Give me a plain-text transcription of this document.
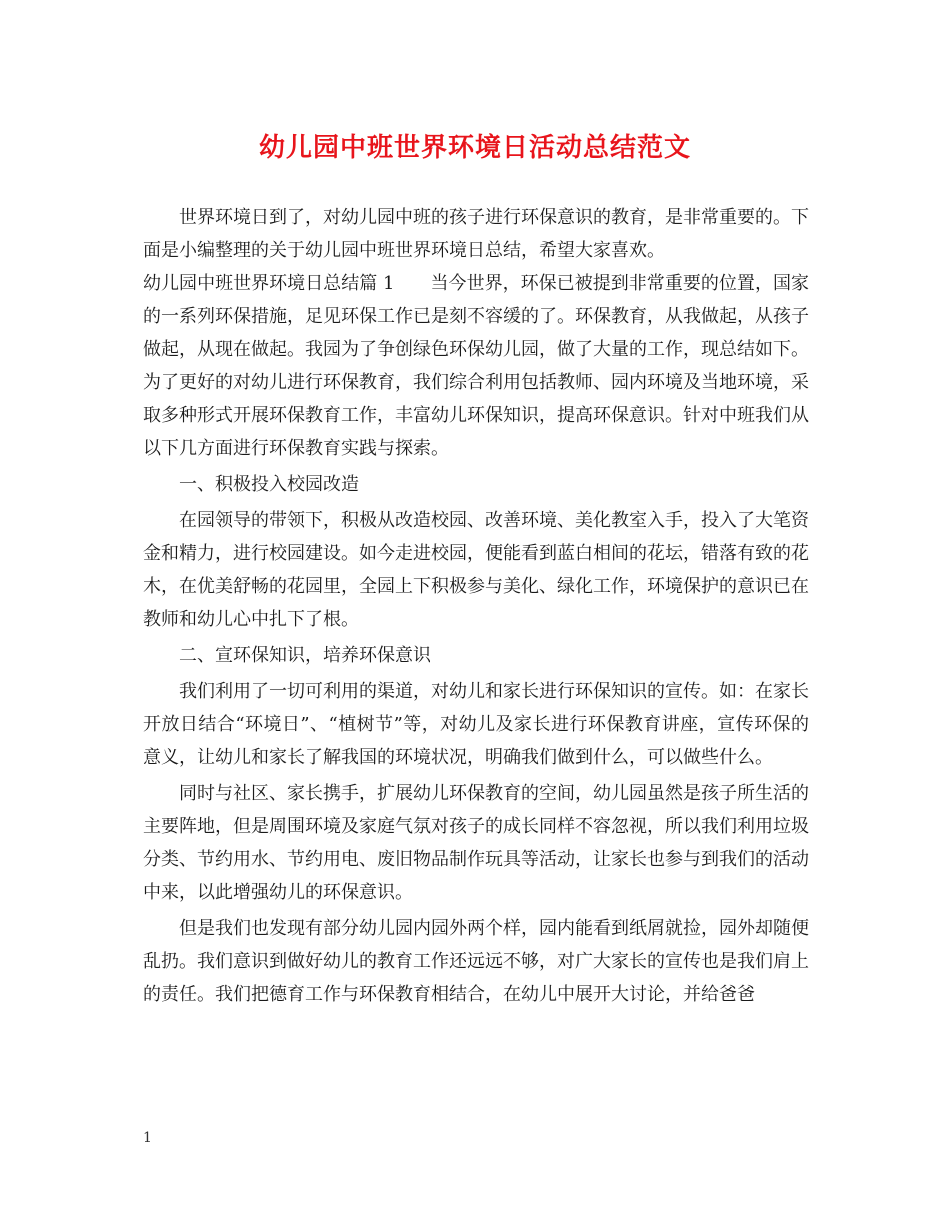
幼儿园中班世界环境日活动总结范文

世界环境日到了，对幼儿园中班的孩子进行环保意识的教育，是非常重要的。下面是小编整理的关于幼儿园中班世界环境日总结，希望大家喜欢。

幼儿园中班世界环境日总结篇 1 当今世界，环保已被提到非常重要的位置，国家的一系列环保措施，足见环保工作已是刻不容缓的了。环保教育，从我做起，从孩子做起，从现在做起。我园为了争创绿色环保幼儿园，做了大量的工作，现总结如下。为了更好的对幼儿进行环保教育，我们综合利用包括教师、园内环境及当地环境，采取多种形式开展环保教育工作，丰富幼儿环保知识，提高环保意识。针对中班我们从以下几方面进行环保教育实践与探索。

一、积极投入校园改造

在园领导的带领下，积极从改造校园、改善环境、美化教室入手，投入了大笔资金和精力，进行校园建设。如今走进校园，便能看到蓝白相间的花坛，错落有致的花木，在优美舒畅的花园里，全园上下积极参与美化、绿化工作，环境保护的意识已在教师和幼儿心中扎下了根。

二、宣环保知识，培养环保意识

我们利用了一切可利用的渠道，对幼儿和家长进行环保知识的宣传。如：在家长开放日结合“环境日”、“植树节”等，对幼儿及家长进行环保教育讲座，宣传环保的意义，让幼儿和家长了解我国的环境状况，明确我们做到什么，可以做些什么。

同时与社区、家长携手，扩展幼儿环保教育的空间，幼儿园虽然是孩子所生活的主要阵地，但是周围环境及家庭气氛对孩子的成长同样不容忽视，所以我们利用垃圾分类、节约用水、节约用电、废旧物品制作玩具等活动，让家长也参与到我们的活动中来，以此增强幼儿的环保意识。

但是我们也发现有部分幼儿园内园外两个样，园内能看到纸屑就捡，园外却随便乱扔。我们意识到做好幼儿的教育工作还远远不够，对广大家长的宣传也是我们肩上的责任。我们把德育工作与环保教育相结合，在幼儿中展开大讨论，并给爸爸

1
